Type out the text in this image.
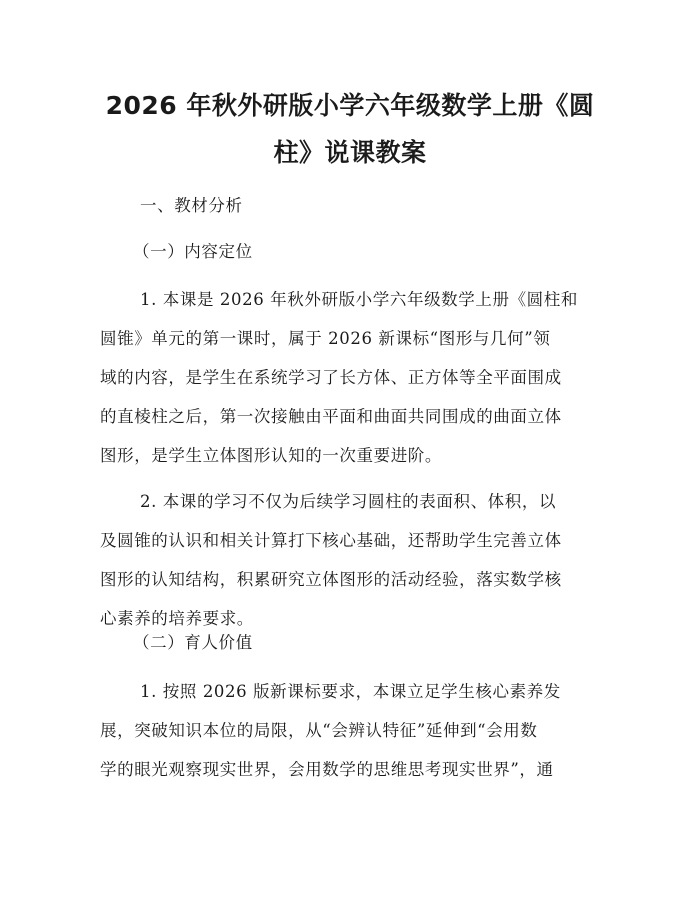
2026 年秋外研版小学六年级数学上册《圆
柱》说课教案
一、教材分析
（一）内容定位
1. 本课是 2026 年秋外研版小学六年级数学上册《圆柱和
圆锥》单元的第一课时，属于 2026 新课标“图形与几何”领
域的内容，是学生在系统学习了长方体、正方体等全平面围成
的直棱柱之后，第一次接触由平面和曲面共同围成的曲面立体
图形，是学生立体图形认知的一次重要进阶。
2. 本课的学习不仅为后续学习圆柱的表面积、体积，以
及圆锥的认识和相关计算打下核心基础，还帮助学生完善立体
图形的认知结构，积累研究立体图形的活动经验，落实数学核
心素养的培养要求。
（二）育人价值
1. 按照 2026 版新课标要求，本课立足学生核心素养发
展，突破知识本位的局限，从“会辨认特征”延伸到“会用数
学的眼光观察现实世界，会用数学的思维思考现实世界”，通
